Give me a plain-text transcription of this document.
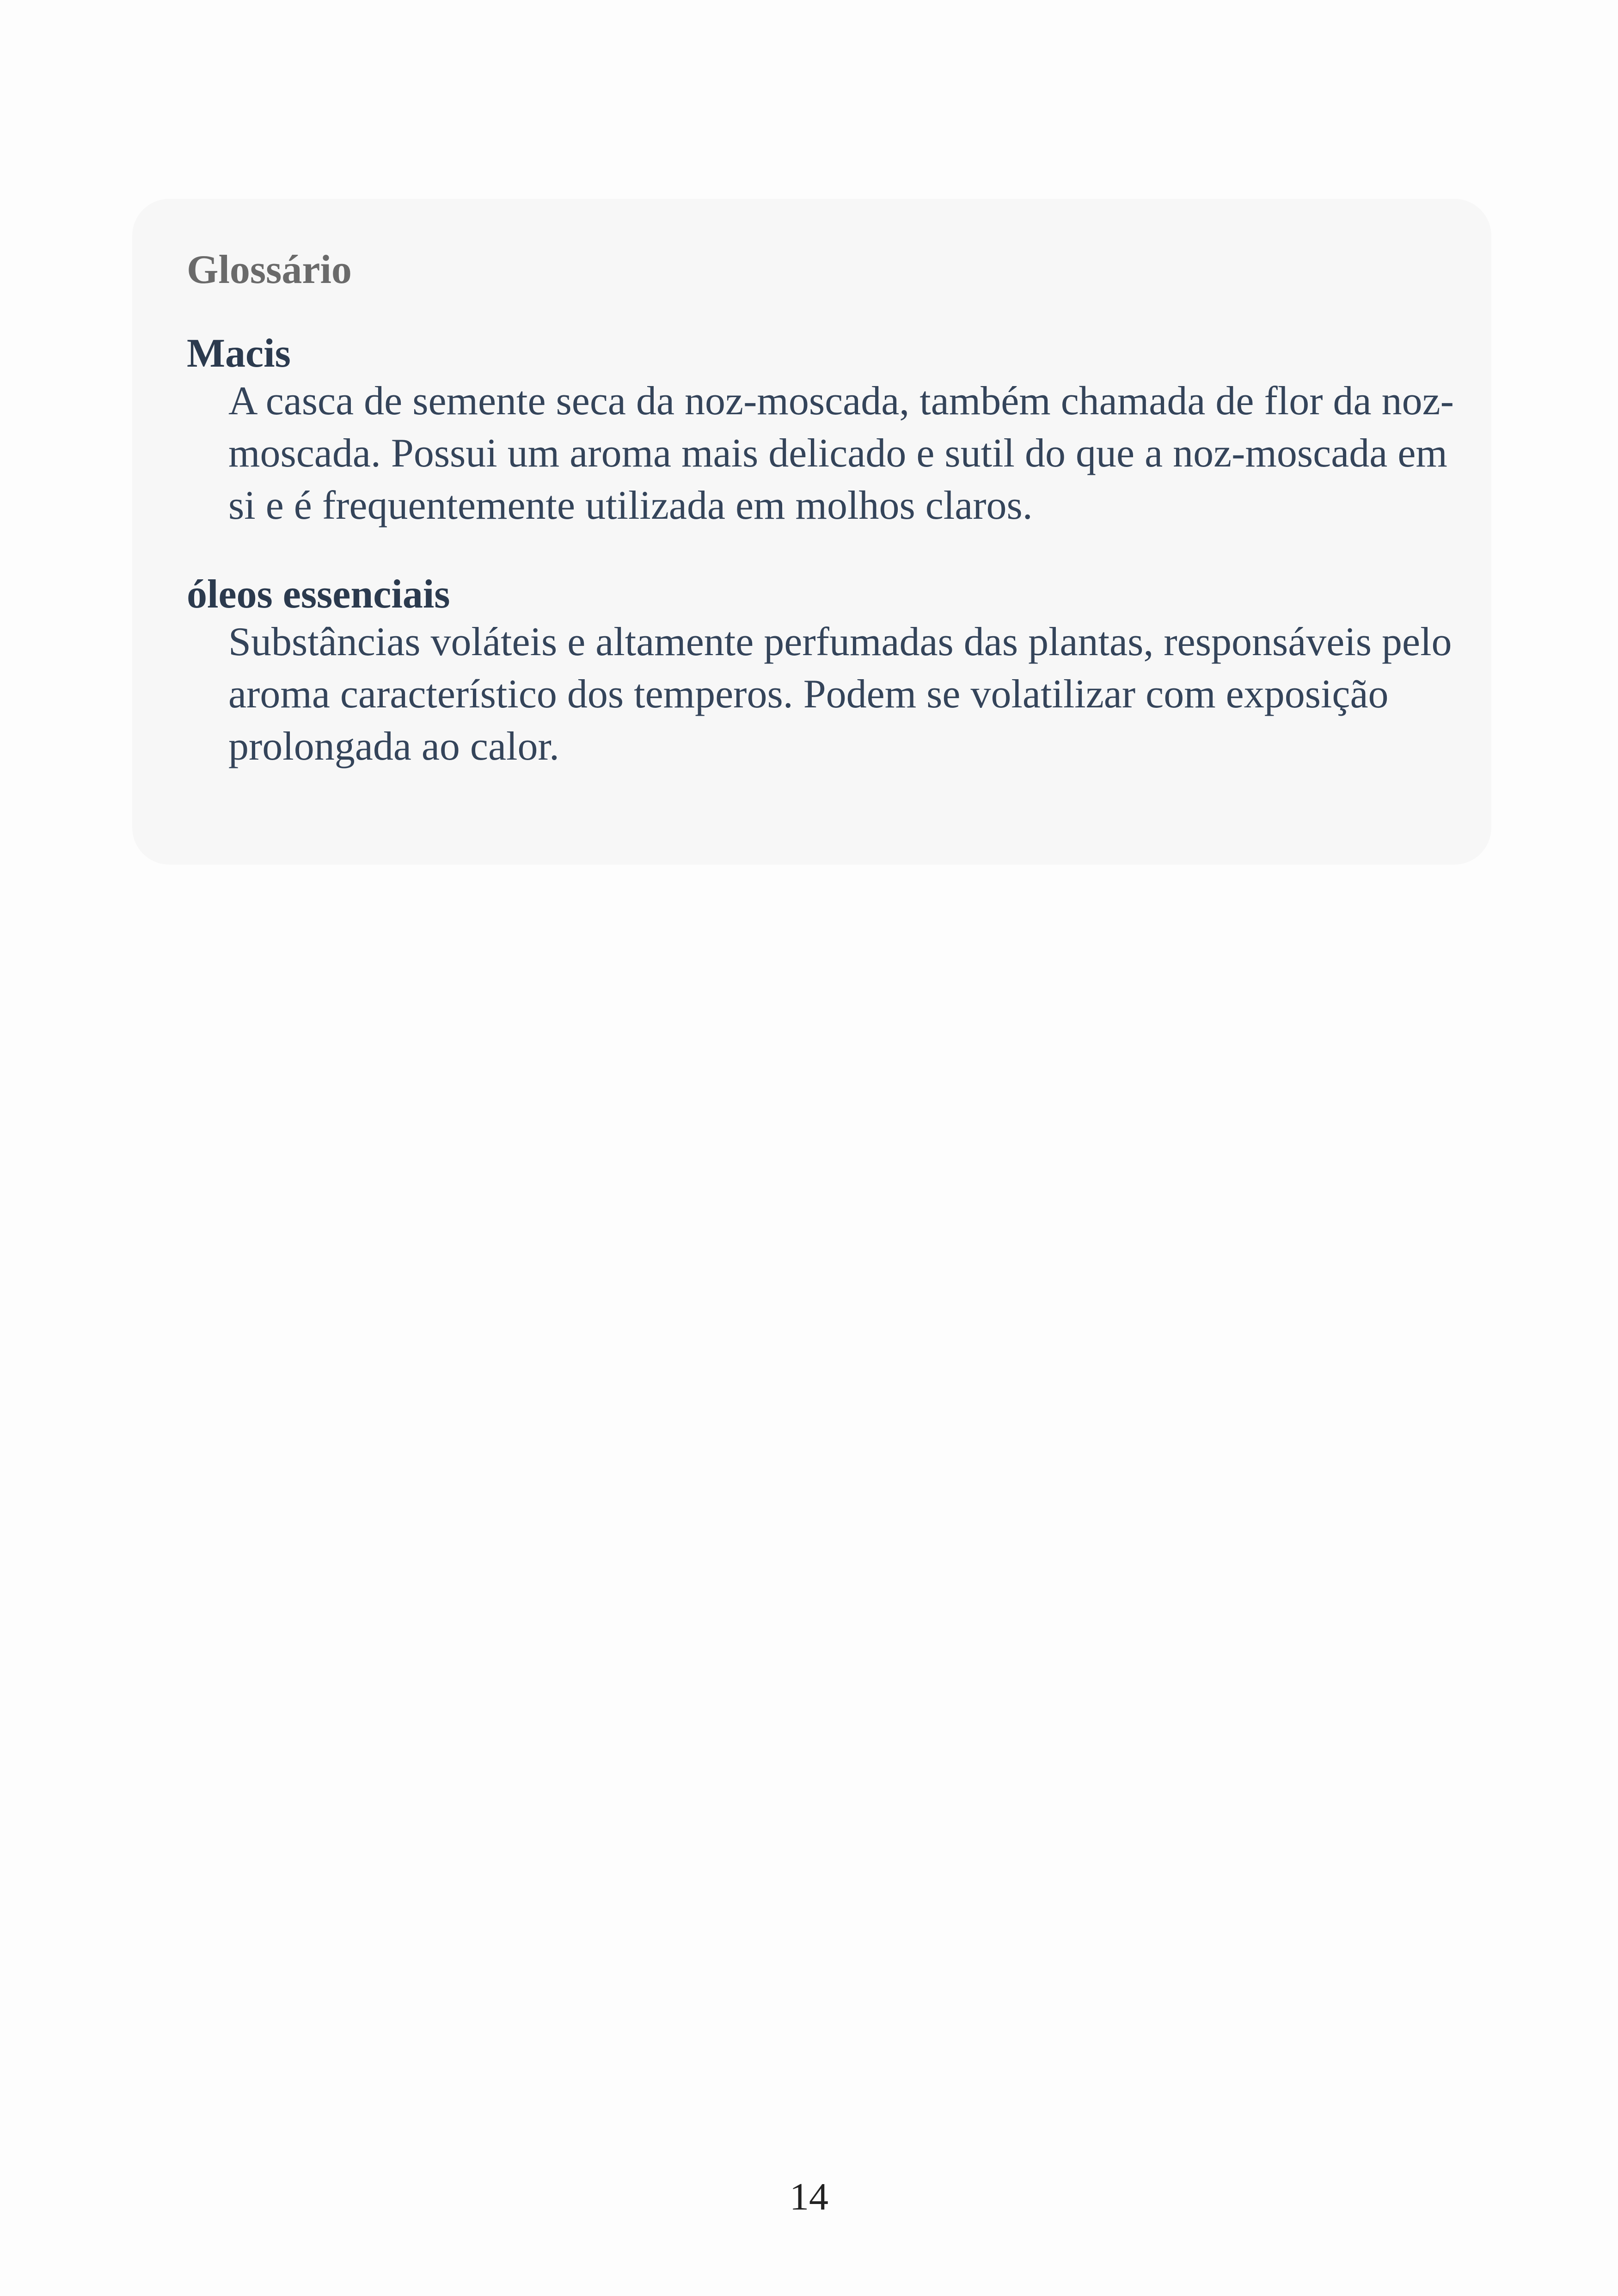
Glossário

Macis

A casca de semente seca da noz-moscada, também chamada de flor da noz-moscada. Possui um aroma mais delicado e sutil do que a noz-moscada em si e é frequentemente utilizada em molhos claros.

óleos essenciais

Substâncias voláteis e altamente perfumadas das plantas, responsáveis pelo aroma característico dos temperos. Podem se volatilizar com exposição prolongada ao calor.

14
